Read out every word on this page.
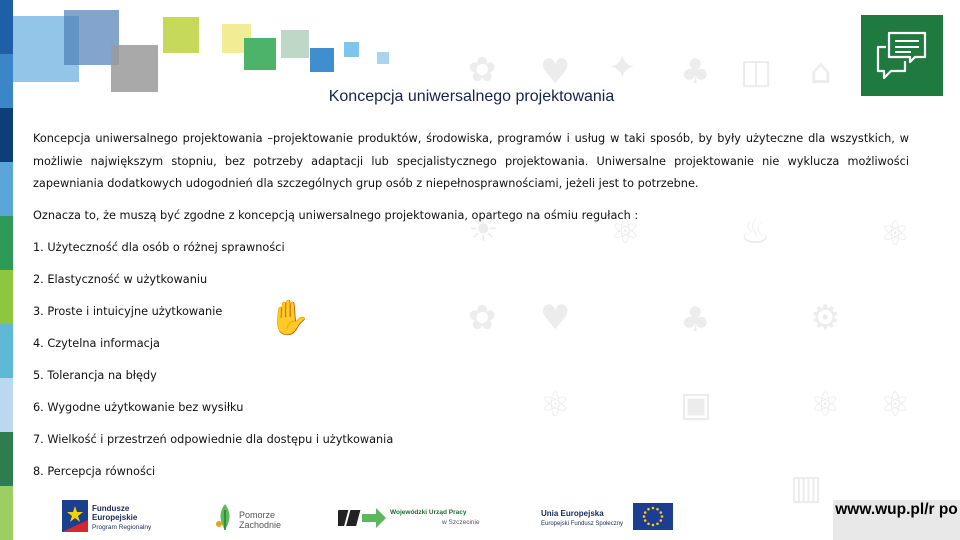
✿ ♥ ✦ ♣ ◫ ⌂
☀	⚛	♨	⚛
✋	✿ ♥	♣	⚙
⚛	▣	⚛ ⚛
▥
Koncepcja uniwersalnego projektowania

Koncepcja uniwersalnego projektowania –projektowanie produktów, środowiska, programów i usług w taki sposób, by były użyteczne dla wszystkich, w możliwie największym stopniu, bez potrzeby adaptacji lub specjalistycznego projektowania. Uniwersalne projektowanie nie wyklucza możliwości zapewniania dodatkowych udogodnień dla szczególnych grup osób z niepełnosprawnościami, jeżeli jest to potrzebne.

Oznacza to, że muszą być zgodne z koncepcją uniwersalnego projektowania, opartego na ośmiu regułach :

1. Użyteczność dla osób o różnej sprawności

2. Elastyczność w użytkowaniu

3. Proste i intuicyjne użytkowanie

4. Czytelna informacja

5. Tolerancja na błędy

6. Wygodne użytkowanie bez wysiłku

7. Wielkość i przestrzeń odpowiednie dla dostępu i użytkowania

8. Percepcja równości

Fundusze
Europejskie
Program Regionalny
Pomorze
Zachodnie
Wojewódzki Urząd Pracy
w Szczecinie
Unia Europejska
Europejski Fundusz Społeczny
www.wup.pl/r po
